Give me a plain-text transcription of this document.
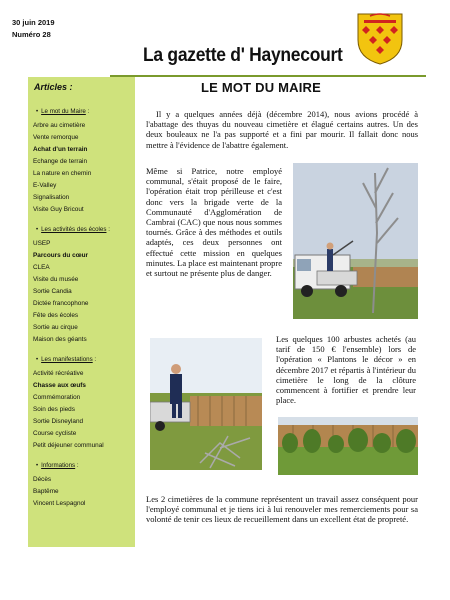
30 juin 2019
Numéro 28
La gazette d' Haynecourt
Articles :
• Le mot du Maire :
Arbre au cimetière
Vente remorque
Achat d'un terrain
Echange de terrain
La nature en chemin
E-Valley
Signalisation
Visite Guy Bricout
• Les activités des écoles :
USEP
Parcours du cœur
CLEA
Visite du musée
Sortie Candia
Dictée francophone
Fête des écoles
Sortie au cirque
Maison des géants
• Les manifestations :
Activité récréative
Chasse aux œufs
Commémoration
Soin des pieds
Sortie Disneyland
Course cycliste
Petit déjeuner communal
• Informations :
Décès
Baptême
Vincent Lespagnol
LE MOT DU MAIRE

Il y a quelques années déjà (décembre 2014), nous avions procédé à l'abattage des thuyas du nouveau cimetière et élagué certains autres. Un des deux bouleaux ne l'a pas supporté et a fini par mourir. Il fallait donc nous mettre à l'évidence de l'abattre également.

Même si Patrice, notre employé communal, s'était proposé de le faire, l'opération était trop périlleuse et c'est donc vers la brigade verte de la Communauté d'Agglomération de Cambrai (CAC) que nous nous sommes tournés. Grâce à des méthodes et outils adaptés, ces deux personnes ont effectué cette mission en quelques minutes. La place est maintenant propre et surtout ne présente plus de danger.

Les quelques 100 arbustes achetés (au tarif de 150 € l'ensemble) lors de l'opération « Plantons le décor » en décembre 2017 et répartis à l'intérieur du cimetière le long de la clôture commencent à fortifier et prendre leur place.

Les 2 cimetières de la commune représentent un travail assez conséquent pour l'employé communal et je tiens ici à lui renouveler mes remerciements pour sa volonté de tenir ces lieux de recueillement dans un excellent état de propreté.
